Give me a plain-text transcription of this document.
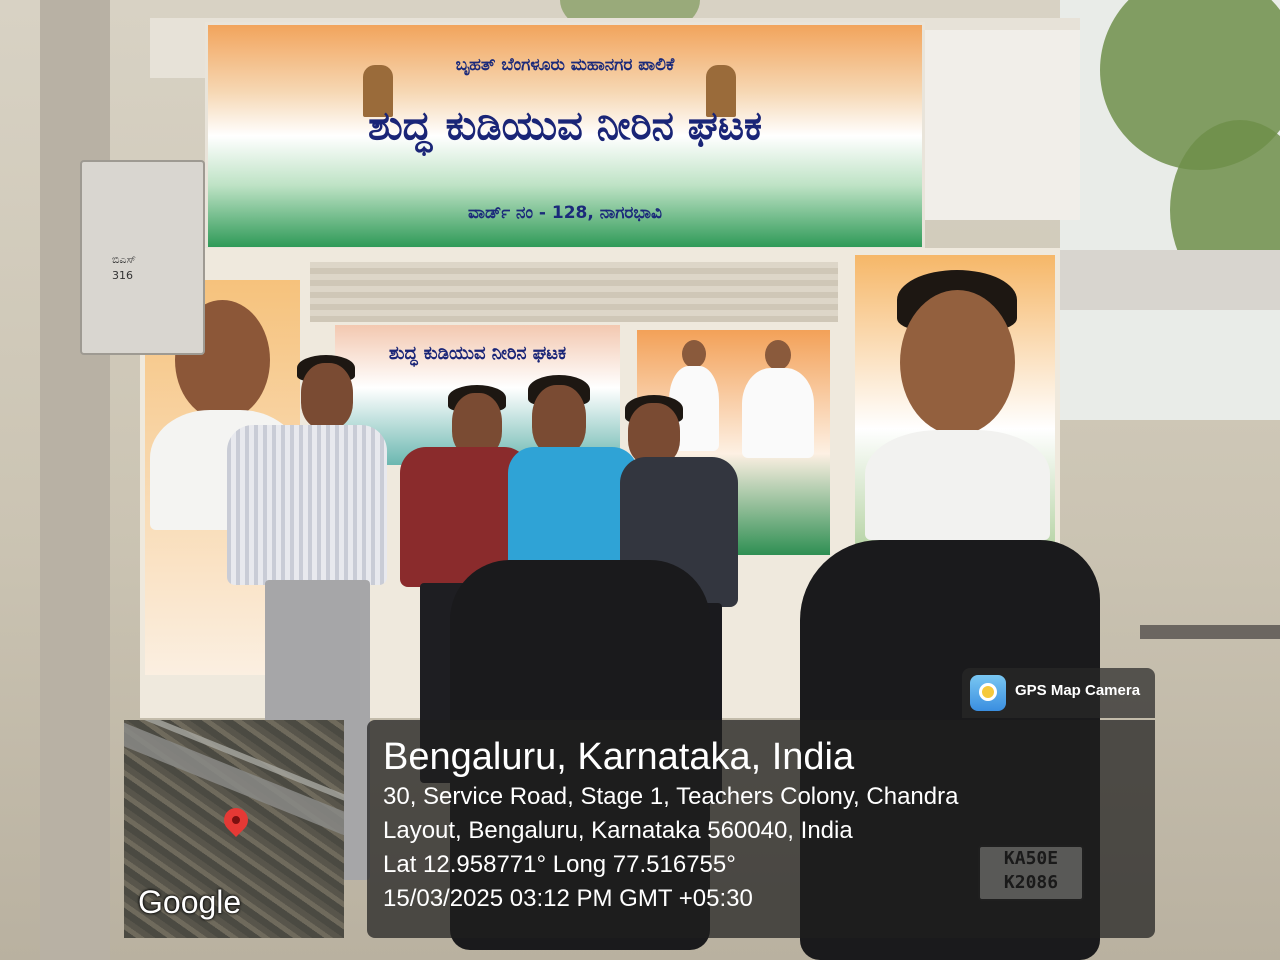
ಬೃಹತ್ ಬೆಂಗಳೂರು ಮಹಾನಗರ ಪಾಲಿಕೆ
ಶುದ್ಧ ಕುಡಿಯುವ ನೀರಿನ ಘಟಕ
ವಾರ್ಡ್ ನಂ - 128, ನಾಗರಭಾವಿ
ಶುದ್ಧ ಕುಡಿಯುವ ನೀರಿನ ಘಟಕ
ಬಿಎಸ್
316
Google
GPS Map Camera
Bengaluru, Karnataka, India
30, Service Road, Stage 1, Teachers Colony, Chandra
Layout, Bengaluru, Karnataka 560040, India
Lat 12.958771° Long 77.516755°
15/03/2025 03:12 PM GMT +05:30
